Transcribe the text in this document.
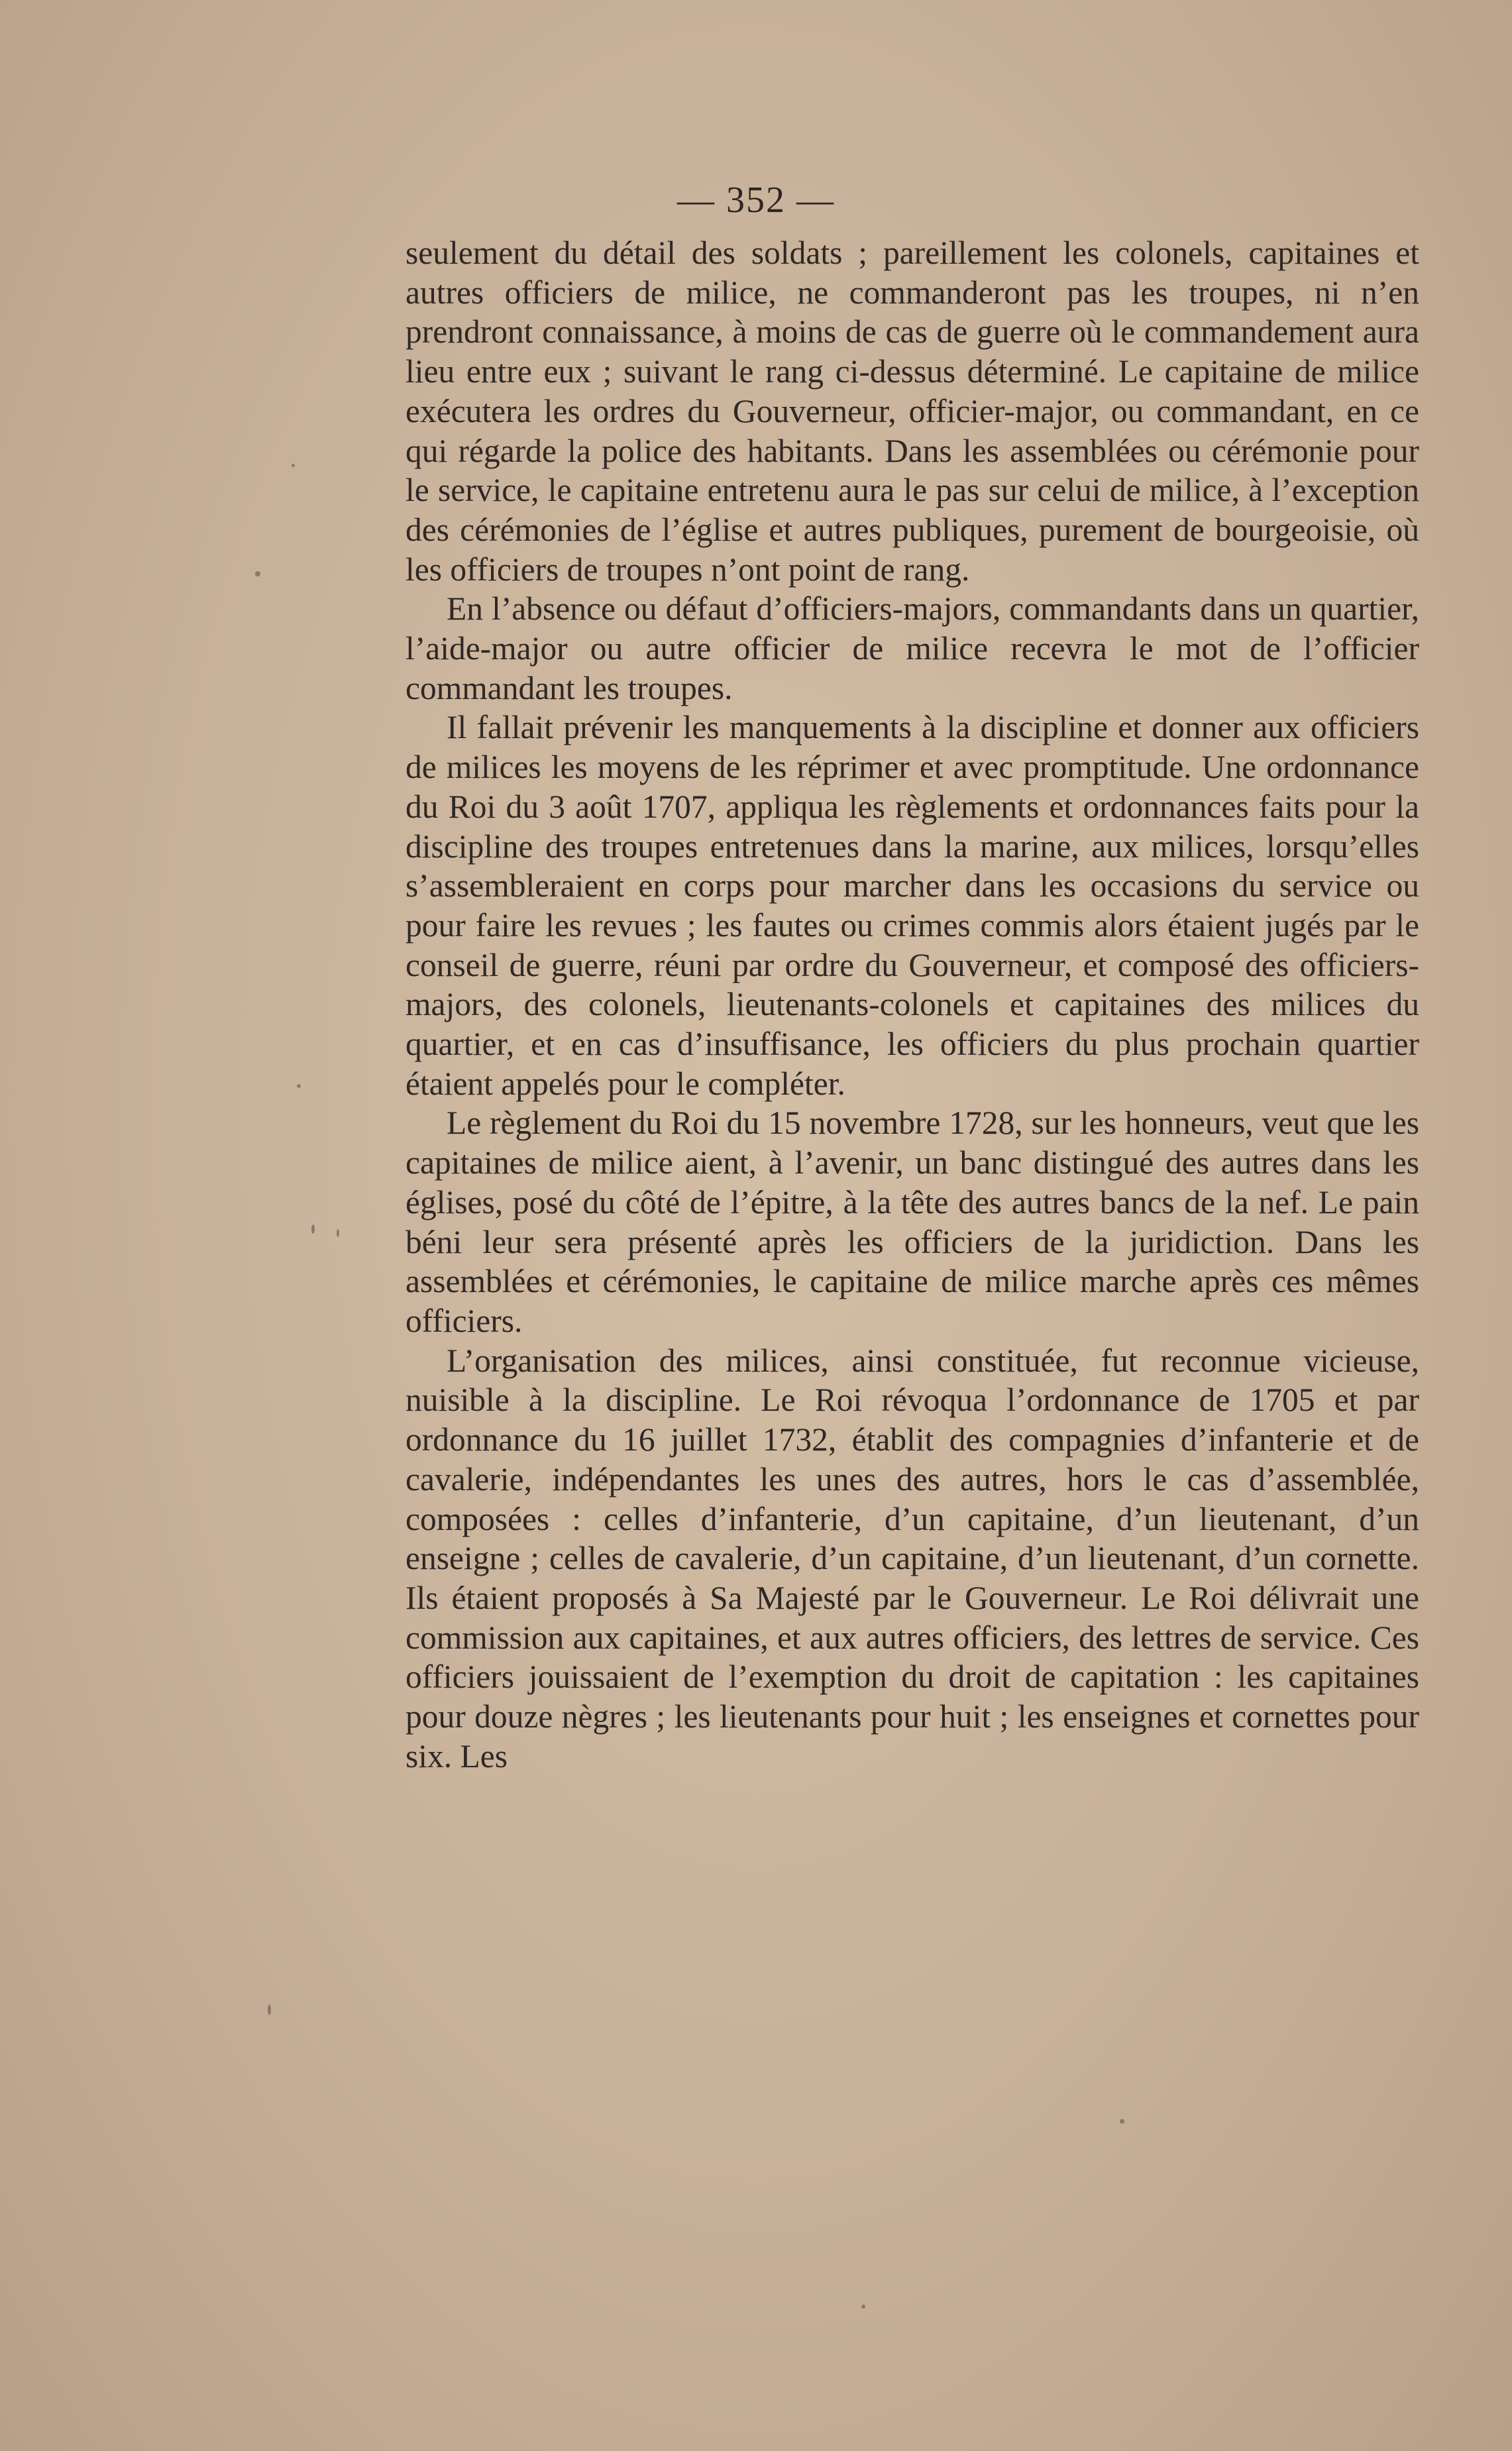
— 352 —

seulement du détail des soldats ; pareillement les colonels, capitaines et autres officiers de milice, ne commanderont pas les troupes, ni n’en prendront connaissance, à moins de cas de guerre où le commandement aura lieu entre eux ; suivant le rang ci-dessus déterminé. Le capitaine de milice exécutera les ordres du Gouverneur, officier-major, ou commandant, en ce qui régarde la police des habitants. Dans les assemblées ou cérémonie pour le service, le capitaine entretenu aura le pas sur celui de milice, à l’exception des cérémonies de l’église et autres publiques, purement de bourgeoisie, où les officiers de troupes n’ont point de rang.

En l’absence ou défaut d’officiers-majors, commandants dans un quartier, l’aide-major ou autre officier de milice recevra le mot de l’officier commandant les troupes.

Il fallait prévenir les manquements à la discipline et donner aux officiers de milices les moyens de les réprimer et avec promptitude. Une ordonnance du Roi du 3 août 1707, appliqua les règlements et ordonnances faits pour la discipline des troupes entretenues dans la marine, aux milices, lorsqu’elles s’assembleraient en corps pour marcher dans les occasions du service ou pour faire les revues ; les fautes ou crimes commis alors étaient jugés par le conseil de guerre, réuni par ordre du Gouverneur, et composé des officiers-majors, des colonels, lieutenants-colonels et capitaines des milices du quartier, et en cas d’insuffisance, les officiers du plus prochain quartier étaient appelés pour le compléter.

Le règlement du Roi du 15 novembre 1728, sur les honneurs, veut que les capitaines de milice aient, à l’avenir, un banc distingué des autres dans les églises, posé du côté de l’épitre, à la tête des autres bancs de la nef. Le pain béni leur sera présenté après les officiers de la juridiction. Dans les assemblées et cérémonies, le capitaine de milice marche après ces mêmes officiers.

L’organisation des milices, ainsi constituée, fut reconnue vicieuse, nuisible à la discipline. Le Roi révoqua l’ordonnance de 1705 et par ordonnance du 16 juillet 1732, établit des compagnies d’infanterie et de cavalerie, indépendantes les unes des autres, hors le cas d’assemblée, composées : celles d’infanterie, d’un capitaine, d’un lieutenant, d’un enseigne ; celles de cavalerie, d’un capitaine, d’un lieutenant, d’un cornette. Ils étaient proposés à Sa Majesté par le Gouverneur. Le Roi délivrait une commission aux capitaines, et aux autres officiers, des lettres de service. Ces officiers jouissaient de l’exemption du droit de capitation : les capitaines pour douze nègres ; les lieutenants pour huit ; les enseignes et cornettes pour six. Les
